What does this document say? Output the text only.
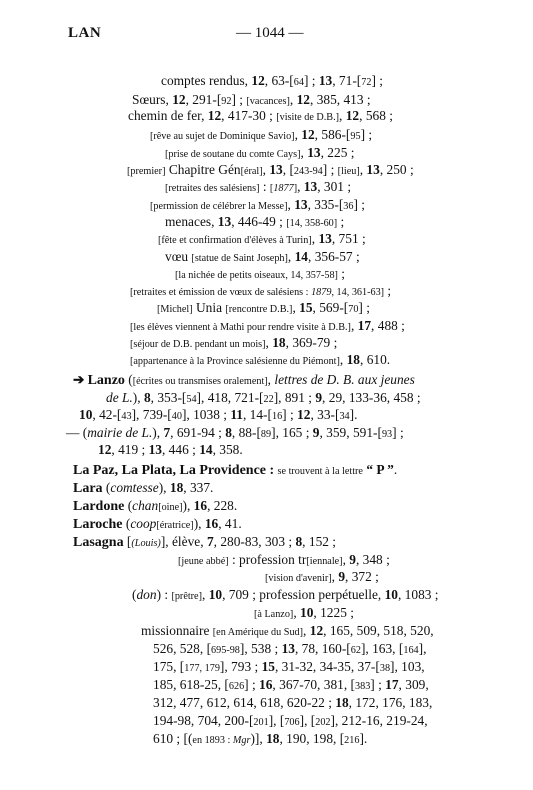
LAN	— 1044 —
comptes rendus, 12, 63-[64] ; 13, 71-[72] ;
Sœurs, 12, 291-[92] ; [vacances], 12, 385, 413 ;
chemin de fer, 12, 417-30 ; [visite de D.B.], 12, 568 ;
[rêve au sujet de Dominique Savio], 12, 586-[95] ;
[prise de soutane du comte Cays], 13, 225 ;
[premier] Chapitre Gén[éral], 13, [243-94] ; [lieu], 13, 250 ;
[retraites des salésiens] : [1877], 13, 301 ;
[permission de célébrer la Messe], 13, 335-[36] ;
menaces, 13, 446-49 ; [14, 358-60] ;
[fête et confirmation d'élèves à Turin], 13, 751 ;
vœu [statue de Saint Joseph], 14, 356-57 ;
[la nichée de petits oiseaux, 14, 357-58] ;
[retraites et émission de vœux de salésiens : 1879, 14, 361-63] ;
[Michel] Unia [rencontre D.B.], 15, 569-[70] ;
[les élèves viennent à Mathi pour rendre visite à D.B.], 17, 488 ;
[séjour de D.B. pendant un mois], 18, 369-79 ;
[appartenance à la Province salésienne du Piémont], 18, 610.
➔ Lanzo ([écrites ou transmises oralement], lettres de D. B. aux jeunes
de L.), 8, 353-[54], 418, 721-[22], 891 ; 9, 29, 133-36, 458 ;
10, 42-[43], 739-[40], 1038 ; 11, 14-[16] ; 12, 33-[34].
— (mairie de L.), 7, 691-94 ; 8, 88-[89], 165 ; 9, 359, 591-[93] ;
12, 419 ; 13, 446 ; 14, 358.
La Paz, La Plata, La Providence : se trouvent à la lettre “ P ”.
Lara (comtesse), 18, 337.
Lardone (chan[oine]), 16, 228.
Laroche (coop[ératrice]), 16, 41.
Lasagna [(Louis)], élève, 7, 280-83, 303 ; 8, 152 ;
[jeune abbé] : profession tr[iennale], 9, 348 ;
[vision d'avenir], 9, 372 ;
(don) : [prêtre], 10, 709 ; profession perpétuelle, 10, 1083 ;
[à Lanzo], 10, 1225 ;
missionnaire [en Amérique du Sud], 12, 165, 509, 518, 520,
526, 528, [695-98], 538 ; 13, 78, 160-[62], 163, [164],
175, [177, 179], 793 ; 15, 31-32, 34-35, 37-[38], 103,
185, 618-25, [626] ; 16, 367-70, 381, [383] ; 17, 309,
312, 477, 612, 614, 618, 620-22 ; 18, 172, 176, 183,
194-98, 704, 200-[201], [706], [202], 212-16, 219-24,
610 ; [(en 1893 : Mgr)], 18, 190, 198, [216].
